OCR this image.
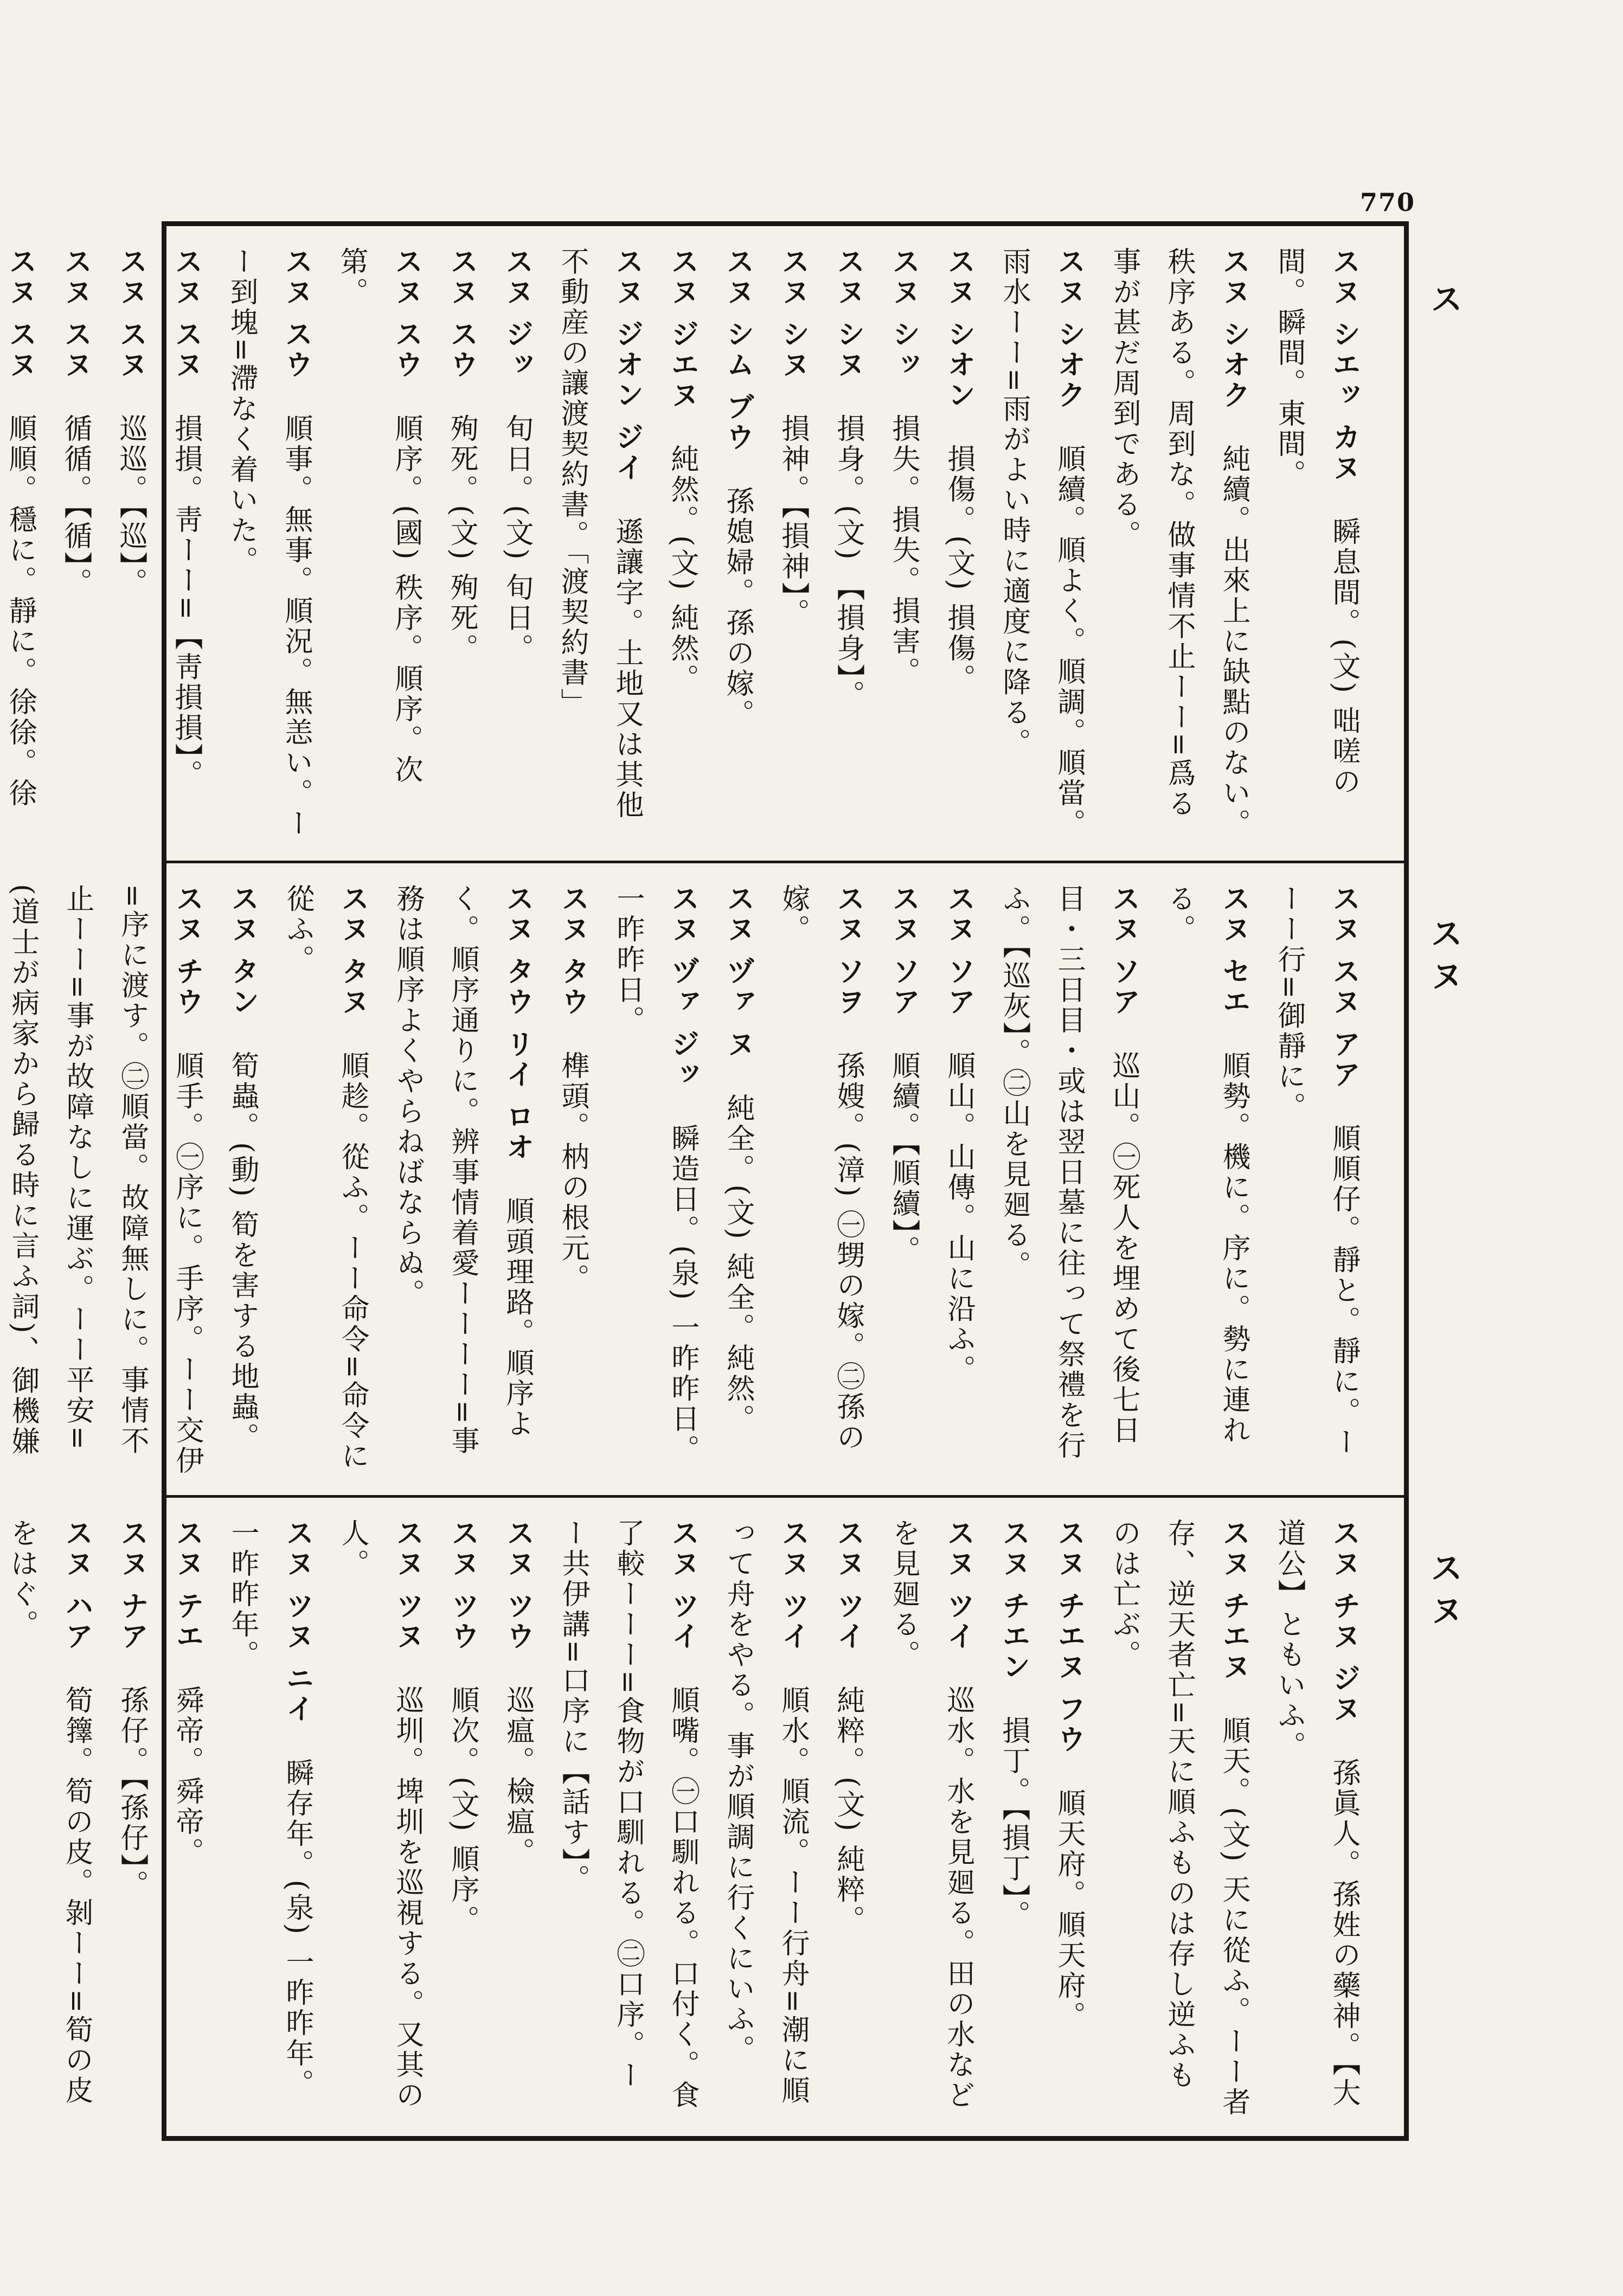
770
ス
スヌ
スヌ

スヌ シエッ カヌ　瞬息間。(文) 咄嗟の間。瞬間。東間。

スヌ シオク　純續。出來上に缺點のない。秩序ある。周到な。做事情不止ーー=爲る事が甚だ周到である。

スヌ シオク　順續。順よく。順調。順當。雨水ーー=雨がよい時に適度に降る。

スヌ シオン　損傷。(文) 損傷。

スヌ シッ　損失。損失。損害。

スヌ シヌ　損身。(文) 【損身】。

スヌ シヌ　損神。【損神】。

スヌ シム ブウ　孫媳婦。孫の嫁。

スヌ ジエヌ　純然。(文) 純然。

スヌ ジオン ジイ　遜讓字。土地又は其他不動産の讓渡契約書。「渡契約書」

スヌ ジッ　旬日。(文) 旬日。

スヌ スウ　殉死。(文) 殉死。

スヌ スウ　順序。(國) 秩序。順序。次第。

スヌ スウ　順事。無事。順況。無恙い。ーー到塊=滯なく着いた。

スヌ スヌ　損損。靑ーー=【靑損損】。

スヌ スヌ　巡巡。【巡】。

スヌ スヌ　循循。【循】。

スヌ スヌ　順順。穩に。靜に。徐徐。徐

スヌ スヌ アア　順順仔。靜と。靜に。ーーー行=御靜に。

スヌ セエ　順勢。機に。序に。勢に連れる。

スヌ ソア　巡山。㊀死人を埋めて後七日目・三日目・或は翌日墓に往って祭禮を行ふ。【巡灰】。㊁山を見廻る。

スヌ ソア　順山。山傳。山に沿ふ。

スヌ ソア　順續。【順續】。

スヌ ソヲ　孫嫂。(漳) ㊀甥の嫁。㊁孫の嫁。

スヌ ヅァ ヌ　純全。(文) 純全。純然。

スヌ ヅァ ジッ　瞬造日。(泉) 一昨昨日。一昨昨日。

スヌ タウ　榫頭。枘の根元。

スヌ タウ リイ ロオ　順頭理路。順序よく。順序通りに。辨事情着愛ーーーー=事務は順序よくやらねばならぬ。

スヌ タヌ　順趁。從ふ。ーー命令=命令に從ふ。

スヌ タン　筍蟲。(動) 筍を害する地蟲。

スヌ チウ　順手。㊀序に。手序。ーー交伊=序に渡す。㊁順當。故障無しに。事情不止ーー=事が故障なしに運ぶ。ーー平安=(道士が病家から歸る時に言ふ詞)、御機嫌

スヌ チヌ ジヌ　孫眞人。孫姓の藥神。【大道公】ともいふ。

スヌ チエヌ　順天。(文) 天に從ふ。ーー者存、逆天者亡=天に順ふものは存し逆ふものは亡ぶ。

スヌ チエヌ フウ　順天府。順天府。

スヌ チエン　損丁。【損丁】。

スヌ ツイ　巡水。水を見廻る。田の水などを見廻る。

スヌ ツイ　純粹。(文) 純粹。

スヌ ツイ　順水。順流。ーー行舟=潮に順って舟をやる。事が順調に行くにいふ。

スヌ ツイ　順嘴。㊀口馴れる。口付く。食了較ーーー=食物が口馴れる。㊁口序。ーー共伊講=口序に【話す】。

スヌ ツウ　巡瘟。檢瘟。

スヌ ツウ　順次。(文) 順序。

スヌ ツヌ　巡圳。埤圳を巡視する。又其の人。

スヌ ツヌ ニイ　瞬存年。(泉) 一昨昨年。一昨昨年。

スヌ テエ　舜帝。舜帝。

スヌ ナア　孫仔。【孫仔】。

スヌ ハア　筍籜。筍の皮。剝ーー=筍の皮をはぐ。
